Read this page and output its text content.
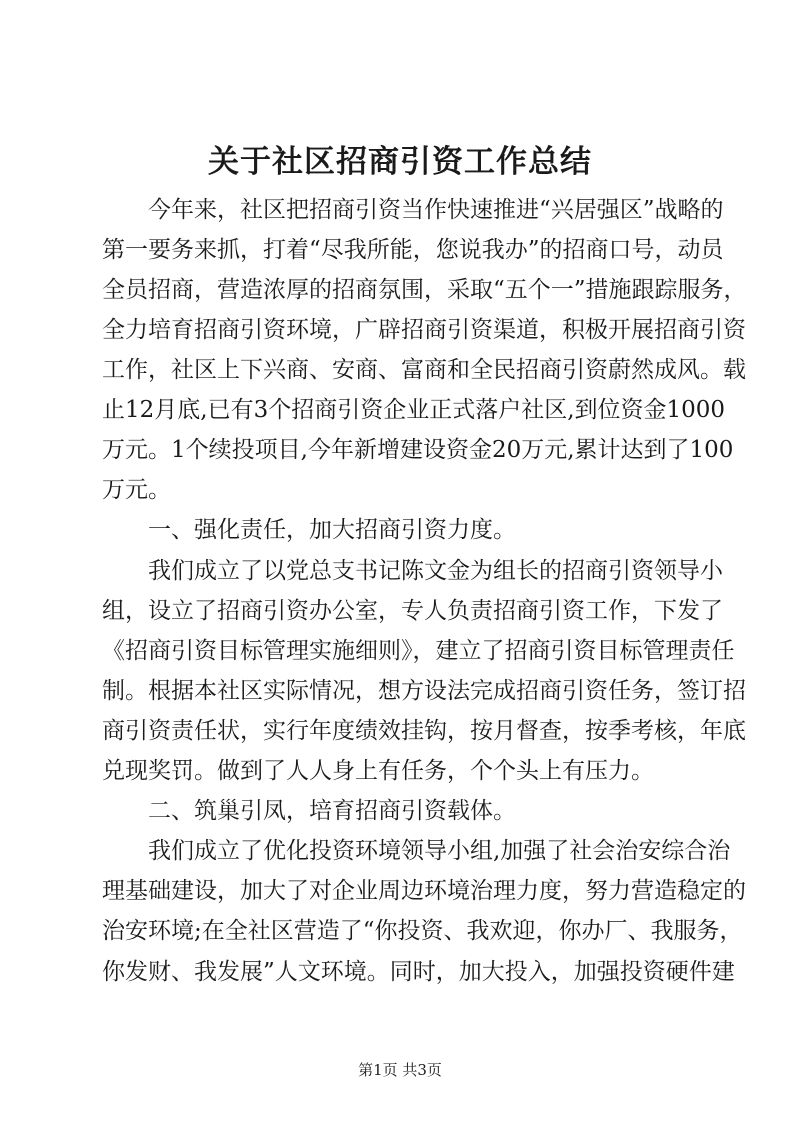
关于社区招商引资工作总结
今年来，社区把招商引资当作快速推进“兴居强区”战略的
第一要务来抓，打着“尽我所能，您说我办”的招商口号，动员
全员招商，营造浓厚的招商氛围，采取“五个一”措施跟踪服务，
全力培育招商引资环境，广辟招商引资渠道，积极开展招商引资
工作，社区上下兴商、安商、富商和全民招商引资蔚然成风。载
止12月底,已有3个招商引资企业正式落户社区,到位资金1000
万元。1个续投项目,今年新增建设资金20万元,累计达到了100
万元。
一、强化责任，加大招商引资力度。
我们成立了以党总支书记陈文金为组长的招商引资领导小
组，设立了招商引资办公室，专人负责招商引资工作，下发了
《招商引资目标管理实施细则》，建立了招商引资目标管理责任
制。根据本社区实际情况，想方设法完成招商引资任务，签订招
商引资责任状，实行年度绩效挂钩，按月督查，按季考核，年底
兑现奖罚。做到了人人身上有任务，个个头上有压力。
二、筑巢引凤，培育招商引资载体。
我们成立了优化投资环境领导小组,加强了社会治安综合治
理基础建设，加大了对企业周边环境治理力度，努力营造稳定的
治安环境;在全社区营造了“你投资、我欢迎，你办厂、我服务，
你发财、我发展”人文环境。同时，加大投入，加强投资硬件建
第1页 共3页
